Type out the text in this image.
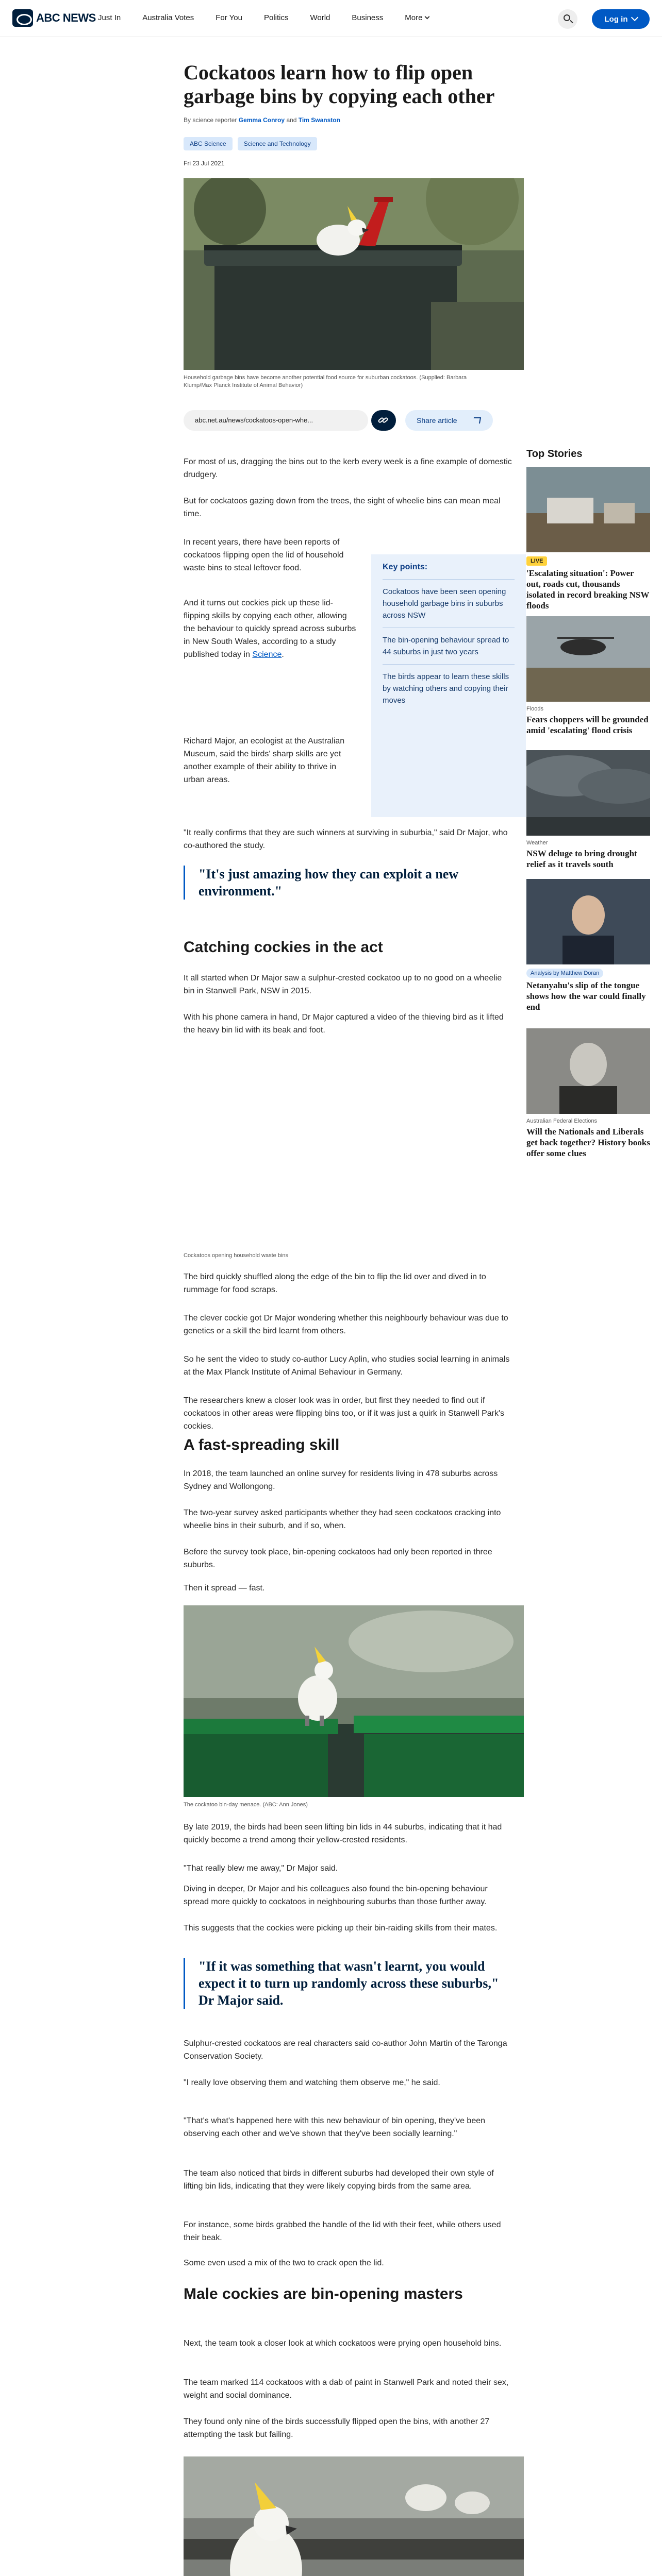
ABC NEWS Just In	Australia Votes	For You	Politics	World	Business	More	Log in
Cockatoos learn how to flip open garbage bins by copying each other
By science reporter Gemma Conroy and Tim Swanston
ABC Science	Science and Technology
Fri 23 Jul 2021
Household garbage bins have become another potential food source for suburban cockatoos. (Supplied: Barbara Klump/Max Planck Institute of Animal Behavior)
abc.net.au/news/cockatoos-open-whe...	Share article

For most of us, dragging the bins out to the kerb every week is a fine example of domestic drudgery.

But for cockatoos gazing down from the trees, the sight of wheelie bins can mean meal time.

In recent years, there have been reports of cockatoos flipping open the lid of household waste bins to steal leftover food.

And it turns out cockies pick up these lid-flipping skills by copying each other, allowing the behaviour to quickly spread across suburbs in New South Wales, according to a study published today in Science.

Key points:
Cockatoos have been seen opening household garbage bins in suburbs across NSW
The bin-opening behaviour spread to 44 suburbs in just two years
The birds appear to learn these skills by watching others and copying their moves

Richard Major, an ecologist at the Australian Museum, said the birds' sharp skills are yet another example of their ability to thrive in urban areas.

"It really confirms that they are such winners at surviving in suburbia," said Dr Major, who co-authored the study.

"It's just amazing how they can exploit a new environment."
Catching cockies in the act

It all started when Dr Major saw a sulphur-crested cockatoo up to no good on a wheelie bin in Stanwell Park, NSW in 2015.

With his phone camera in hand, Dr Major captured a video of the thieving bird as it lifted the heavy bin lid with its beak and foot.

Cockatoos opening household waste bins

The bird quickly shuffled along the edge of the bin to flip the lid over and dived in to rummage for food scraps.

The clever cockie got Dr Major wondering whether this neighbourly behaviour was due to genetics or a skill the bird learnt from others.

So he sent the video to study co-author Lucy Aplin, who studies social learning in animals at the Max Planck Institute of Animal Behaviour in Germany.

The researchers knew a closer look was in order, but first they needed to find out if cockatoos in other areas were flipping bins too, or if it was just a quirk in Stanwell Park's cockies.

A fast-spreading skill

In 2018, the team launched an online survey for residents living in 478 suburbs across Sydney and Wollongong.

The two-year survey asked participants whether they had seen cockatoos cracking into wheelie bins in their suburb, and if so, when.

Before the survey took place, bin-opening cockatoos had only been reported in three suburbs.

Then it spread — fast.

The cockatoo bin-day menace. (ABC: Ann Jones)

By late 2019, the birds had been seen lifting bin lids in 44 suburbs, indicating that it had quickly become a trend among their yellow-crested residents.

"That really blew me away," Dr Major said.

Diving in deeper, Dr Major and his colleagues also found the bin-opening behaviour spread more quickly to cockatoos in neighbouring suburbs than those further away.

This suggests that the cockies were picking up their bin-raiding skills from their mates.

"If it was something that wasn't learnt, you would expect it to turn up randomly across these suburbs," Dr Major said.

Sulphur-crested cockatoos are real characters said co-author John Martin of the Taronga Conservation Society.

"I really love observing them and watching them observe me," he said.

"That's what's happened here with this new behaviour of bin opening, they've been observing each other and we've shown that they've been socially learning."

The team also noticed that birds in different suburbs had developed their own style of lifting bin lids, indicating that they were likely copying birds from the same area.

For instance, some birds grabbed the handle of the lid with their feet, while others used their beak.

Some even used a mix of the two to crack open the lid.

Male cockies are bin-opening masters

Next, the team took a closer look at which cockatoos were prying open household bins.

The team marked 114 cockatoos with a dab of paint in Stanwell Park and noted their sex, weight and social dominance.

They found only nine of the birds successfully flipped open the bins, with another 27 attempting the task but failing.

Top Stories
LIVE
'Escalating situation': Power out, roads cut, thousands isolated in record breaking NSW floods
Floods
Fears choppers will be grounded amid 'escalating' flood crisis
Weather
NSW deluge to bring drought relief as it travels south
Analysis by Matthew Doran
Netanyahu's slip of the tongue shows how the war could finally end
Australian Federal Elections
Will the Nationals and Liberals get back together? History books offer some clues
